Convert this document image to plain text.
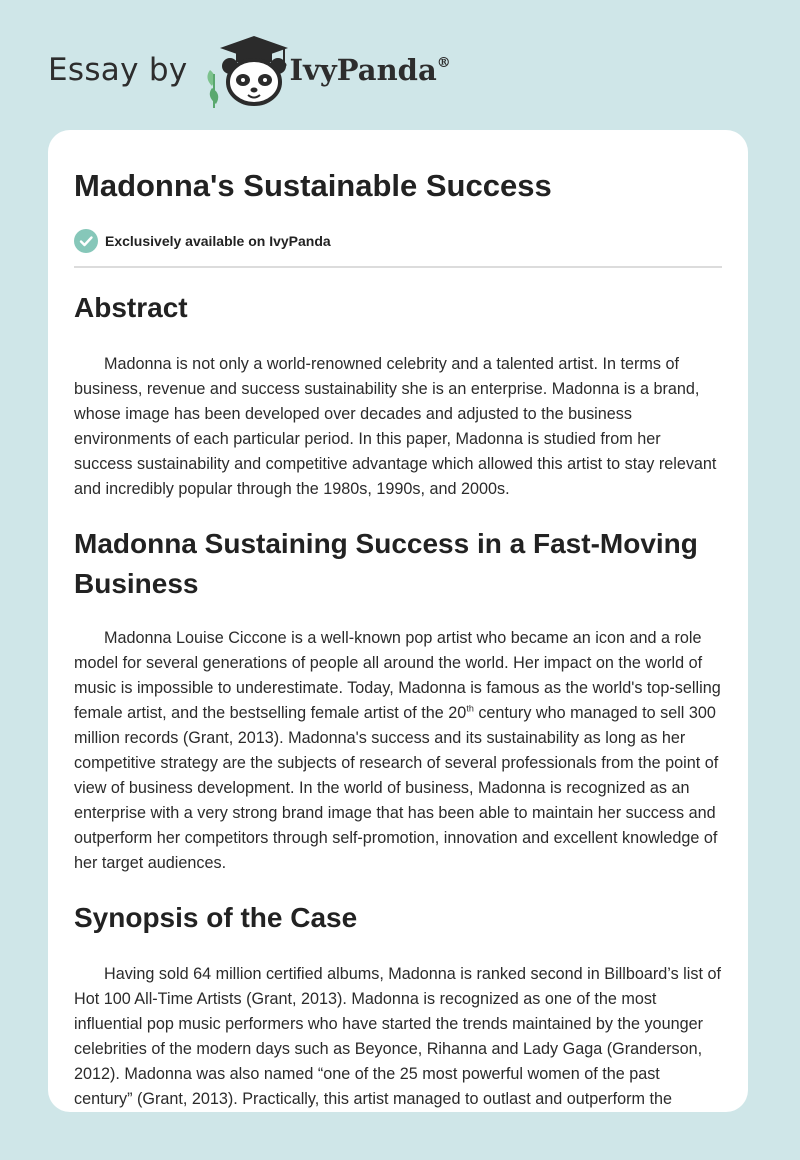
Essay by	IvyPanda®
Madonna's Sustainable Success
Exclusively available on IvyPanda
Abstract

Madonna is not only a world-renowned celebrity and a talented artist. In terms of business, revenue and success sustainability she is an enterprise. Madonna is a brand, whose image has been developed over decades and adjusted to the business environments of each particular period. In this paper, Madonna is studied from her success sustainability and competitive advantage which allowed this artist to stay relevant and incredibly popular through the 1980s, 1990s, and 2000s.

Madonna Sustaining Success in a Fast-Moving Business

Madonna Louise Ciccone is a well-known pop artist who became an icon and a role model for several generations of people all around the world. Her impact on the world of music is impossible to underestimate. Today, Madonna is famous as the world's top-selling female artist, and the bestselling female artist of the 20th century who managed to sell 300 million records (Grant, 2013). Madonna's success and its sustainability as long as her competitive strategy are the subjects of research of several professionals from the point of view of business development. In the world of business, Madonna is recognized as an enterprise with a very strong brand image that has been able to maintain her success and outperform her competitors through self-promotion, innovation and excellent knowledge of her target audiences.

Synopsis of the Case

Having sold 64 million certified albums, Madonna is ranked second in Billboard’s list of Hot 100 All-Time Artists (Grant, 2013). Madonna is recognized as one of the most influential pop music performers who have started the trends maintained by the younger celebrities of the modern days such as Beyonce, Rihanna and Lady Gaga (Granderson, 2012). Madonna was also named “one of the 25 most powerful women of the past century” (Grant, 2013). Practically, this artist managed to outlast and outperform the
